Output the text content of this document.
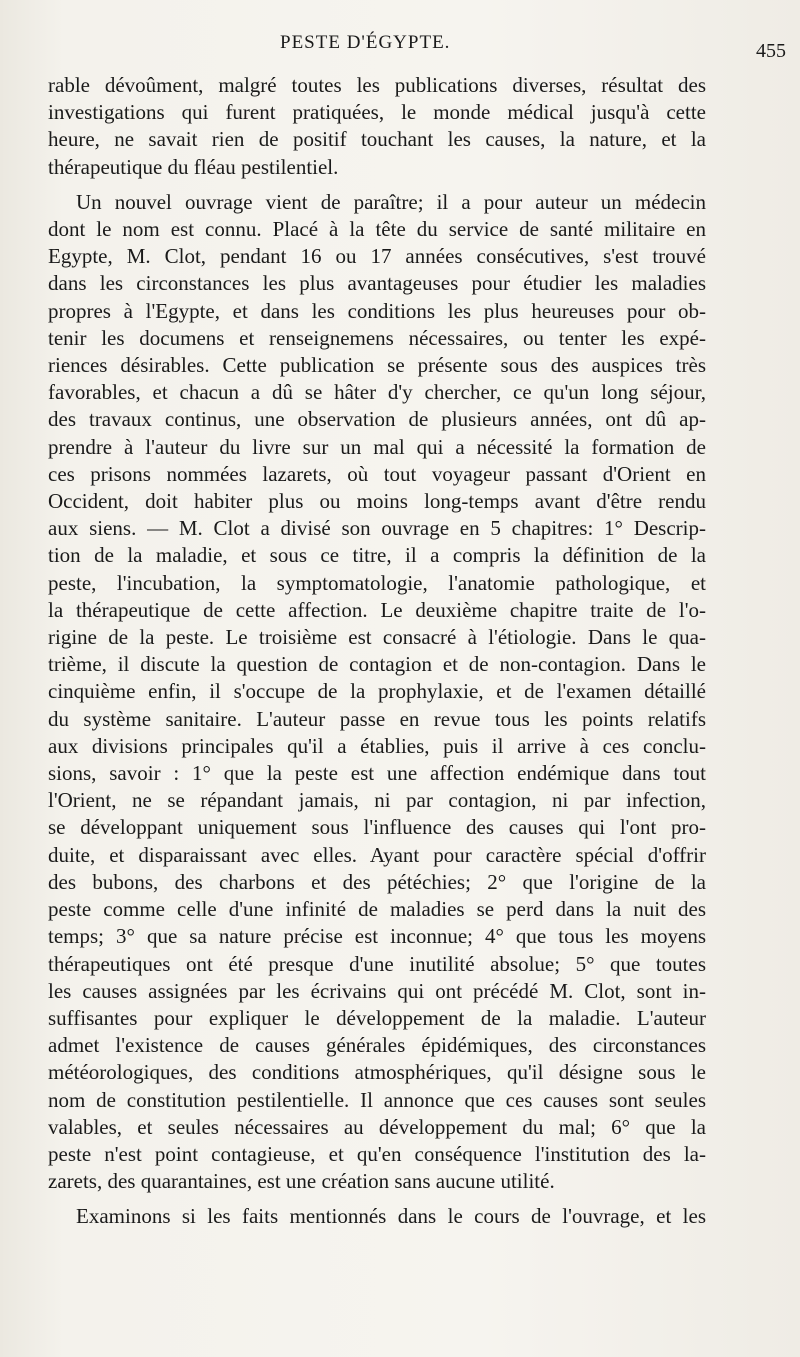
PESTE D'ÉGYPTE.	455
rable dévoûment, malgré toutes les publications diverses, résultat des
investigations qui furent pratiquées, le monde médical jusqu'à cette
heure, ne savait rien de positif touchant les causes, la nature, et la
thérapeutique du fléau pestilentiel.
Un nouvel ouvrage vient de paraître; il a pour auteur un médecin
dont le nom est connu. Placé à la tête du service de santé militaire en
Egypte, M. Clot, pendant 16 ou 17 années consécutives, s'est trouvé
dans les circonstances les plus avantageuses pour étudier les maladies
propres à l'Egypte, et dans les conditions les plus heureuses pour ob-
tenir les documens et renseignemens nécessaires, ou tenter les expé-
riences désirables. Cette publication se présente sous des auspices très
favorables, et chacun a dû se hâter d'y chercher, ce qu'un long séjour,
des travaux continus, une observation de plusieurs années, ont dû ap-
prendre à l'auteur du livre sur un mal qui a nécessité la formation de
ces prisons nommées lazarets, où tout voyageur passant d'Orient en
Occident, doit habiter plus ou moins long-temps avant d'être rendu
aux siens. — M. Clot a divisé son ouvrage en 5 chapitres: 1° Descrip-
tion de la maladie, et sous ce titre, il a compris la définition de la
peste, l'incubation, la symptomatologie, l'anatomie pathologique, et
la thérapeutique de cette affection. Le deuxième chapitre traite de l'o-
rigine de la peste. Le troisième est consacré à l'étiologie. Dans le qua-
trième, il discute la question de contagion et de non-contagion. Dans le
cinquième enfin, il s'occupe de la prophylaxie, et de l'examen détaillé
du système sanitaire. L'auteur passe en revue tous les points relatifs
aux divisions principales qu'il a établies, puis il arrive à ces conclu-
sions, savoir : 1° que la peste est une affection endémique dans tout
l'Orient, ne se répandant jamais, ni par contagion, ni par infection,
se développant uniquement sous l'influence des causes qui l'ont pro-
duite, et disparaissant avec elles. Ayant pour caractère spécial d'offrir
des bubons, des charbons et des pétéchies; 2° que l'origine de la
peste comme celle d'une infinité de maladies se perd dans la nuit des
temps; 3° que sa nature précise est inconnue; 4° que tous les moyens
thérapeutiques ont été presque d'une inutilité absolue; 5° que toutes
les causes assignées par les écrivains qui ont précédé M. Clot, sont in-
suffisantes pour expliquer le développement de la maladie. L'auteur
admet l'existence de causes générales épidémiques, des circonstances
météorologiques, des conditions atmosphériques, qu'il désigne sous le
nom de constitution pestilentielle. Il annonce que ces causes sont seules
valables, et seules nécessaires au développement du mal; 6° que la
peste n'est point contagieuse, et qu'en conséquence l'institution des la-
zarets, des quarantaines, est une création sans aucune utilité.
Examinons si les faits mentionnés dans le cours de l'ouvrage, et les
